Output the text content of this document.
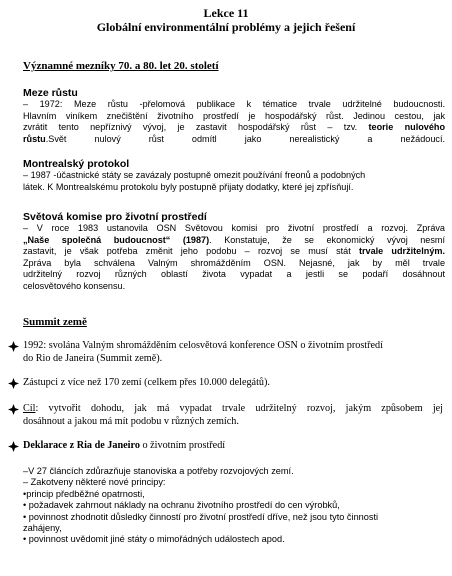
Lekce 11
Globální environmentální problémy a jejich řešení
Významné mezníky 70. a 80. let 20. století
Meze růstu
– 1972: Meze růstu -přelomová publikace k tématice trvale udržitelné budoucnosti.
Hlavním viníkem znečištění životního prostředí je hospodářský růst. Jedinou cestou, jak
zvrátit tento nepříznivý vývoj, je zastavit hospodářský růst – tzv. teorie nulového
růstu.Svět nulový růst odmítl jako nerealistický a nežádoucí.
Montrealský protokol
– 1987 -účastnické státy se zavázaly postupně omezit používání freonů a podobných
látek. K Montrealskému protokolu byly postupně přijaty dodatky, které jej zpřísňují.
Světová komise pro životní prostředí
– V roce 1983 ustanovila OSN Světovou komisi pro životní prostředí a rozvoj. Zpráva
„Naše společná budoucnost“ (1987). Konstatuje, že se ekonomický vývoj nesmí
zastavit, je však potřeba změnit jeho podobu – rozvoj se musí stát trvale udržitelným.
Zpráva byla schválena Valným shromážděním OSN. Nejasné, jak by měl trvale
udržitelný rozvoj různých oblastí života vypadat a jestli se podaří dosáhnout
celosvětového konsensu.
Summit země
1992: svolána Valným shromážděním celosvětová konference OSN o životním prostředí
do Rio de Janeira (Summit země).
Zástupci z více než 170 zemí (celkem přes 10.000 delegátů).
Cíl: vytvořit dohodu, jak má vypadat trvale udržitelný rozvoj, jakým způsobem jej
dosáhnout a jakou má mít podobu v různých zemích.
Deklarace z Ria de Janeiro o životním prostředí
–V 27 článcích zdůrazňuje stanoviska a potřeby rozvojových zemí.
– Zakotveny některé nové principy:
•princip předběžné opatrnosti,
• požadavek zahrnout náklady na ochranu životního prostředí do cen výrobků,
• povinnost zhodnotit důsledky činností pro životní prostředí dříve, než jsou tyto činnosti
zahájeny,
• povinnost uvědomit jiné státy o mimořádných událostech apod.
